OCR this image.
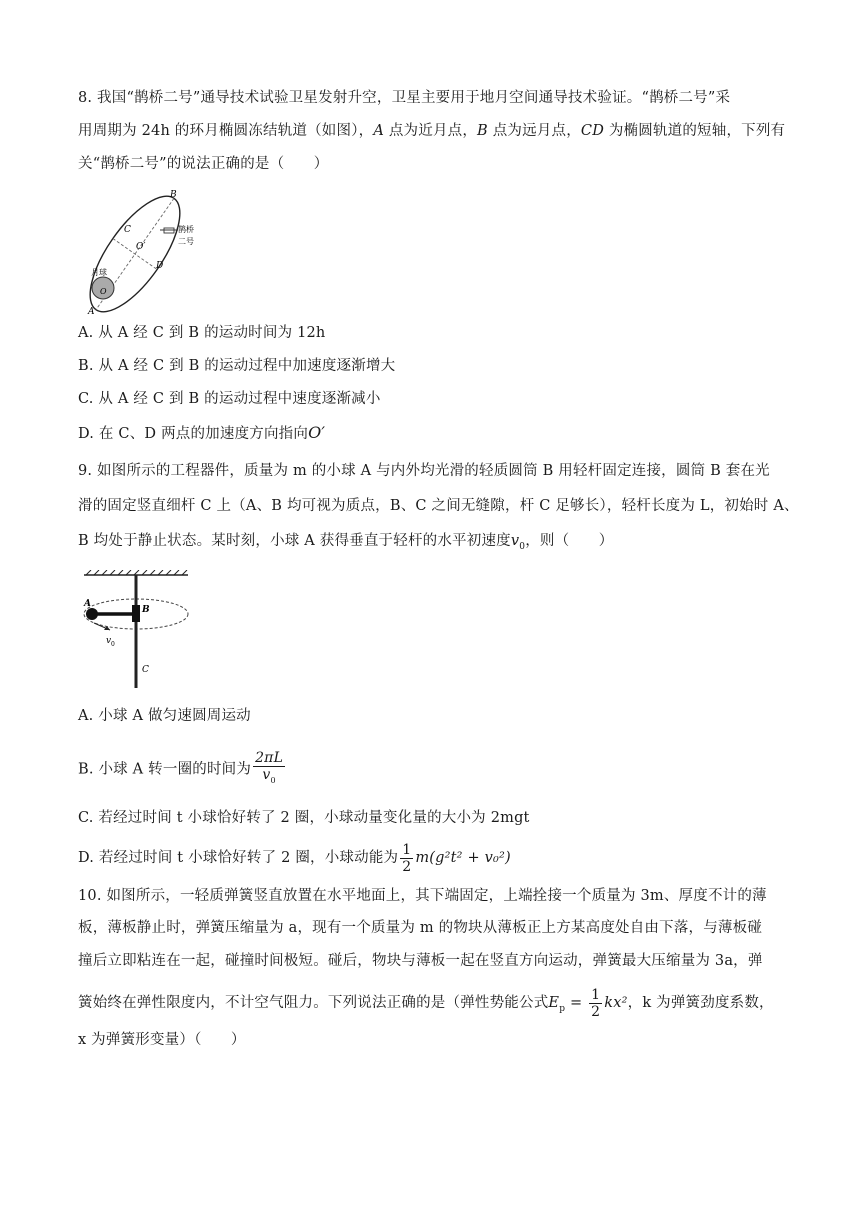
8. 我国“鹊桥二号”通导技术试验卫星发射升空，卫星主要用于地月空间通导技术验证。“鹊桥二号”采
用周期为 24h 的环月椭圆冻结轨道（如图），A 点为近月点，B 点为远月点，CD 为椭圆轨道的短轴，下列有
关“鹊桥二号”的说法正确的是（　　）
B
C
O′
D
鹊桥
二号
月球
O
A
A. 从 A 经 C 到 B 的运动时间为 12h
B. 从 A 经 C 到 B 的运动过程中加速度逐渐增大
C. 从 A 经 C 到 B 的运动过程中速度逐渐减小
D. 在 C、D 两点的加速度方向指向O′
9. 如图所示的工程器件，质量为 m 的小球 A 与内外均光滑的轻质圆筒 B 用轻杆固定连接，圆筒 B 套在光
滑的固定竖直细杆 C 上（A、B 均可视为质点，B、C 之间无缝隙，杆 C 足够长），轻杆长度为 L，初始时 A、
B 均处于静止状态。某时刻，小球 A 获得垂直于轻杆的水平初速度$v_0$，则（　　）
A
B
v 0
C
A. 小球 A 做匀速圆周运动
B. 小球 A 转一圈的时间为 $\frac{2\pi L}{v_0}$
C. 若经过时间 t 小球恰好转了 2 圈，小球动量变化量的大小为 2mgt
D. 若经过时间 t 小球恰好转了 2 圈，小球动能为 $\frac{1}{2} m(g^2t^2 + v_0^2)$
10. 如图所示，一轻质弹簧竖直放置在水平地面上，其下端固定，上端拴接一个质量为 3m、厚度不计的薄
板，薄板静止时，弹簧压缩量为 a，现有一个质量为 m 的物块从薄板正上方某高度处自由下落，与薄板碰
撞后立即粘连在一起，碰撞时间极短。碰后，物块与薄板一起在竖直方向运动，弹簧最大压缩量为 3a，弹
簧始终在弹性限度内，不计空气阻力。下列说法正确的是（弹性势能公式$E_p = \frac{1}{2} kx^2$，k 为弹簧劲度系数，
x 为弹簧形变量）（　　）
